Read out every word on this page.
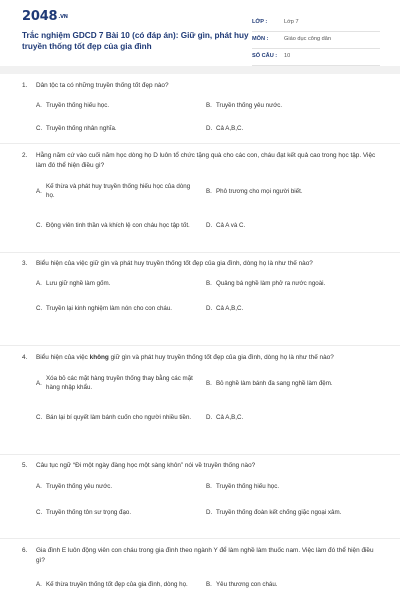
2048.VN
Trắc nghiệm GDCD 7 Bài 10 (có đáp án): Giữ gìn, phát huy truyền thống tốt đẹp của gia đình
LỚP :	Lớp 7
MÔN :	Giáo dục công dân
SỐ CÂU : 10
1. Dân tộc ta có những truyền thống tốt đẹp nào?
A. Truyền thống hiếu học.	B. Truyền thống yêu nước.
C. Truyền thống nhân nghĩa.	D. Cả A,B,C.
2. Hằng năm cứ vào cuối năm học dòng họ D luôn tổ chức tặng quà cho các con, cháu đạt kết quả cao trong học tập. Việc làm đó thể hiện điều gì?
A.
Kế thừa và phát huy truyền thống hiếu học của dòng họ.
B. Phô trương cho mọi người biết.
C. Động viên tinh thần và khích lệ con cháu học tập tốt.	D. Cả A và C.
3. Biểu hiện của việc giữ gìn và phát huy truyền thống tốt đẹp của gia đình, dòng họ là như thế nào?
A. Lưu giữ nghề làm gốm.	B. Quảng bá nghề làm phở ra nước ngoài.
C. Truyền lại kinh nghiệm làm nón cho con cháu.	D. Cả A,B,C.
4. Biểu hiện của việc không giữ gìn và phát huy truyền thống tốt đẹp của gia đình, dòng họ là như thế nào?
A.
Xóa bỏ các mặt hàng truyền thống thay bằng các mặt hàng nhập khẩu.
B. Bỏ nghề làm bánh đa sang nghề làm đệm.
C. Bán lại bí quyết làm bánh cuốn cho người nhiều tiền.	D. Cả A,B,C.
5. Câu tục ngữ “Đi một ngày đàng học một sàng khôn” nói về truyền thống nào?
A. Truyền thống yêu nước.	B. Truyền thống hiếu học.
C. Truyền thống tôn sư trọng đạo.	D. Truyền thống đoàn kết chống giặc ngoại xâm.
6. Gia đình E luôn động viên con cháu trong gia đình theo ngành Y để làm nghề làm thuốc nam. Việc làm đó thể hiện điều gì?
A. Kế thừa truyền thống tốt đẹp của gia đình, dòng họ.	B. Yêu thương con cháu.
